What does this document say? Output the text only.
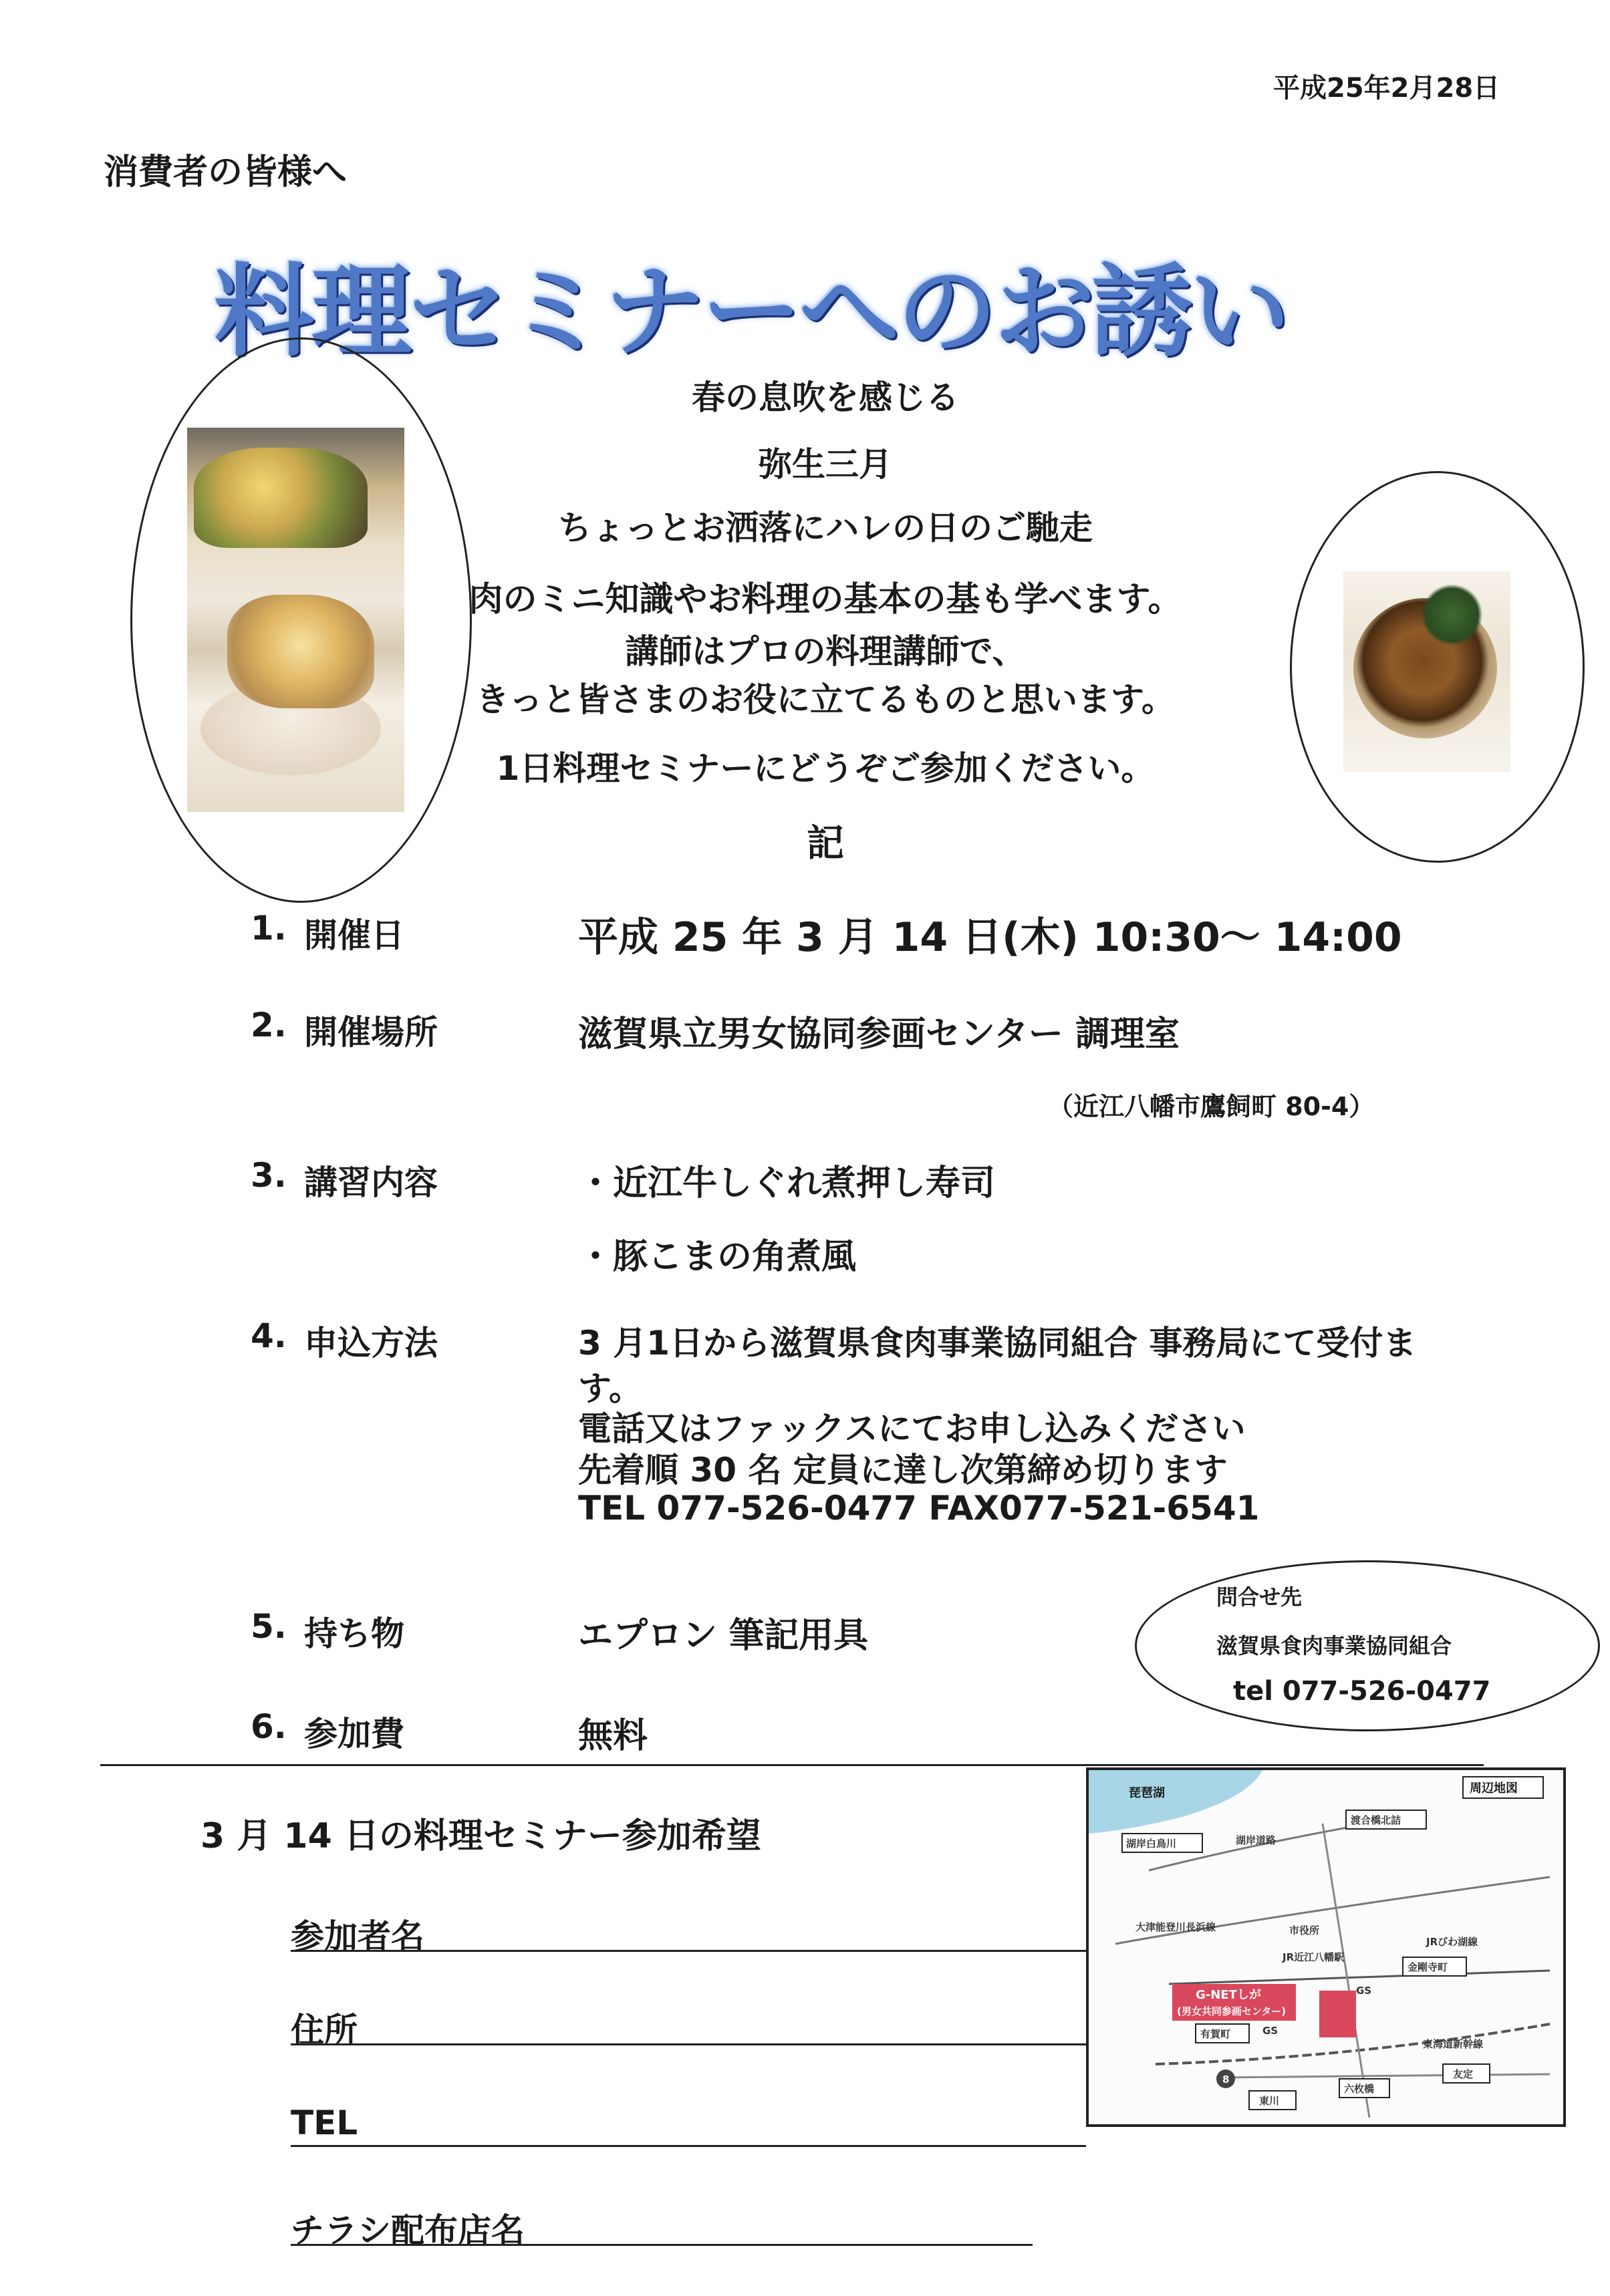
平成25年2月28日
消費者の皆様へ
料理セミナーへのお誘い
春の息吹を感じる
弥生三月
ちょっとお洒落にハレの日のご馳走
肉のミニ知識やお料理の基本の基も学べます。
講師はプロの料理講師で、
きっと皆さまのお役に立てるものと思います。
1日料理セミナーにどうぞご参加ください。
記
1. 開催日	平成 25 年 3 月 14 日(木) 10:30～ 14:00
2. 開催場所	滋賀県立男女協同参画センター 調理室
（近江八幡市鷹飼町 80-4）
3. 講習内容	・近江牛しぐれ煮押し寿司
・豚こまの角煮風
4. 申込方法	3 月1日から滋賀県食肉事業協同組合 事務局にて受付ま
す。
電話又はファックスにてお申し込みください
先着順 30 名 定員に達し次第締め切ります
TEL 077-526-0477 FAX077-521-6541
5. 持ち物	エプロン 筆記用具
6. 参加費	無料
問合せ先
滋賀県食肉事業協同組合
tel 077-526-0477
3 月 14 日の料理セミナー参加希望
参加者名
住所
TEL
チラシ配布店名
琵琶湖	周辺地図
湖岸白鳥川	湖岸道路
渡合橋北詰
大津能登川長浜線	市役所
JR近江八幡駅
JRびわ湖線
金剛寺町
G-NETしが
(男女共同参画センター)
有賀町	GS
GS
東海道新幹線
友定
東川
六枚橋
8
